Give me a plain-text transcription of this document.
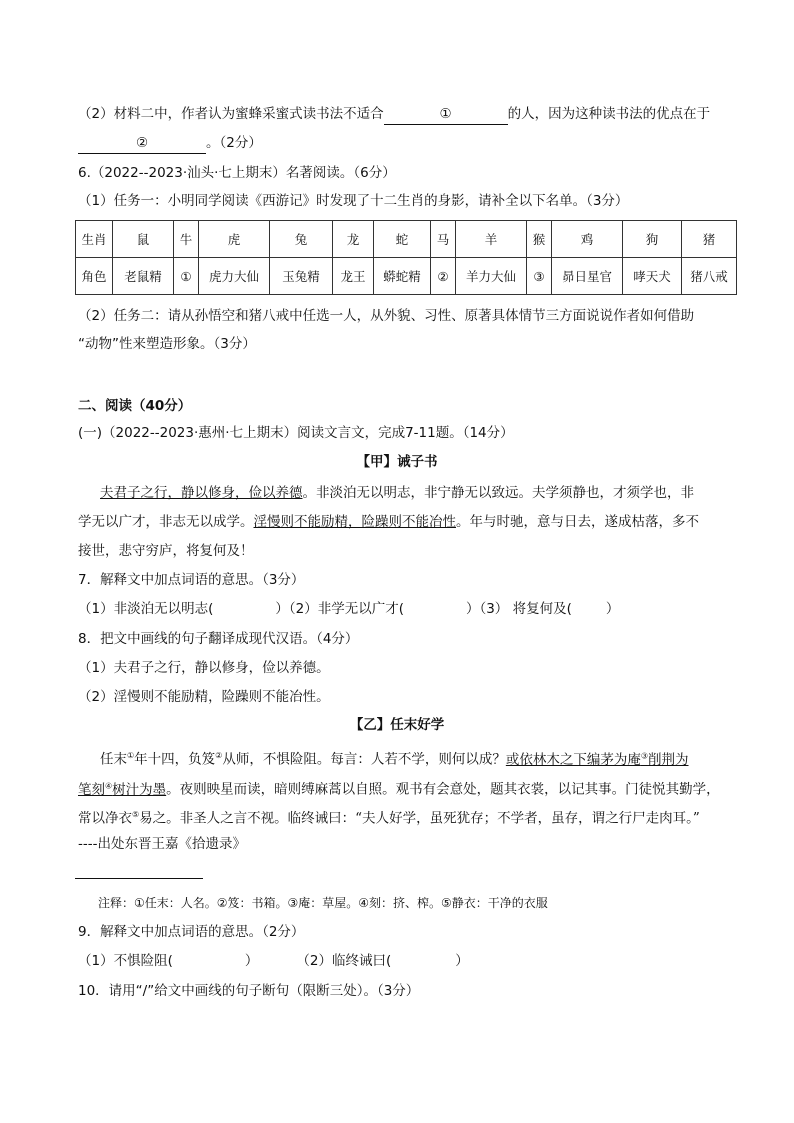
（2）材料二中，作者认为蜜蜂采蜜式读书法不适合	①	的人，因为这种读书法的优点在于
②	。（2分）
6.（2022--2023·汕头·七上期末）名著阅读。（6分）
（1）任务一：小明同学阅读《西游记》时发现了十二生肖的身影，请补全以下名单。（3分）
生肖	鼠	牛	虎	兔	龙	蛇	马	羊	猴	鸡	狗	猪
角色	老鼠精	①	虎力大仙	玉兔精	龙王	蟒蛇精	②	羊力大仙	③	昴日星官	哮天犬	猪八戒
（2）任务二：请从孙悟空和猪八戒中任选一人，从外貌、习性、原著具体情节三方面说说作者如何借助
“动物”性来塑造形象。（3分）
二、阅读（40分）
(一)（2022--2023·惠州·七上期末）阅读文言文，完成7-11题。（14分）
【甲】诫子书
夫君子之行，静以修身，俭以养德。非淡泊无以明志，非宁静无以致远。夫学须静也，才须学也，非
学无以广才，非志无以成学。淫慢则不能励精，险躁则不能冶性。年与时驰，意与日去，遂成枯落，多不
接世，悲守穷庐，将复何及！
7．解释文中加点词语的意思。（3分）
（1）非淡泊无以明志(	）（2）非学无以广才(	）（3） 将复何及(	）
8．把文中画线的句子翻译成现代汉语。（4分）
（1）夫君子之行，静以修身，俭以养德。
（2）淫慢则不能励精，险躁则不能冶性。
【乙】任末好学
任末①年十四，负笈②从师，不惧险阻。每言：人若不学，则何以成？或依林木之下编茅为庵③削荆为
笔刻④树汁为墨。夜则映星而读，暗则缚麻蒿以自照。观书有会意处，题其衣裳，以记其事。门徒悦其勤学，
常以净衣⑤易之。非圣人之言不视。临终诫曰：“夫人好学，虽死犹存；不学者，虽存，谓之行尸走肉耳。”
----出处东晋王嘉《拾遗录》
注释：①任末：人名。②笈：书箱。③庵：草屋。④刻：挤、榨。⑤静衣：干净的衣服
9．解释文中加点词语的意思。（2分）
（1）不惧险阻(	）	（2）临终诫曰(	）
10．请用“/”给文中画线的句子断句（限断三处）。（3分）
